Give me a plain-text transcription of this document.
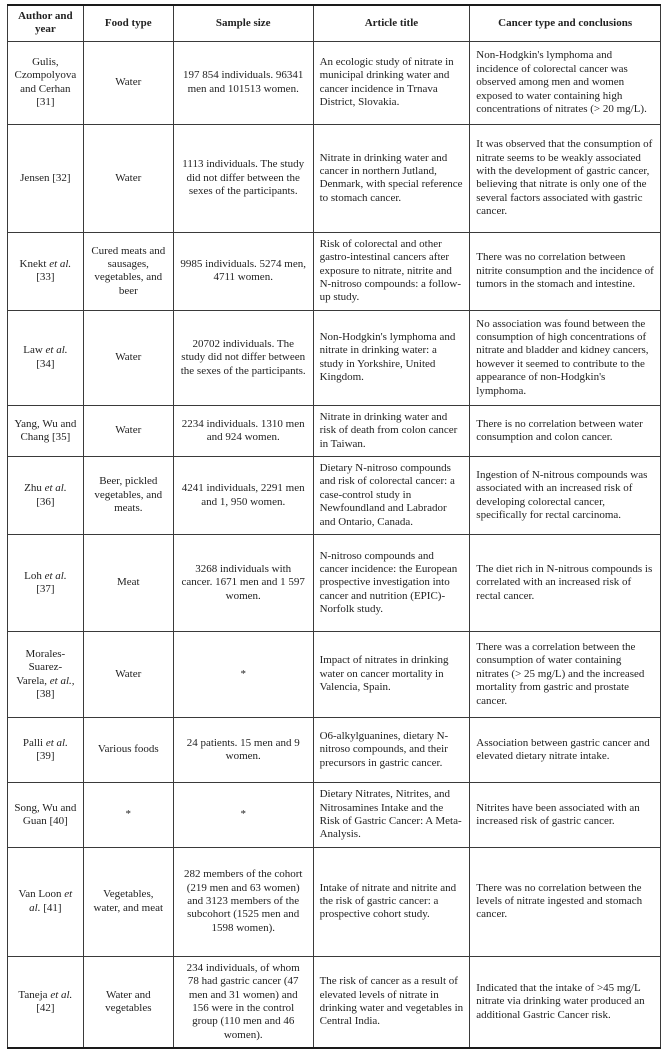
Author and year	Food type	Sample size	Article title	Cancer type and conclusions
Gulis, Czompolyova and Cerhan [31]	Water	197 854 individuals. 96341 men and 101513 women.	An ecologic study of nitrate in municipal drinking water and cancer incidence in Trnava District, Slovakia.	Non-Hodgkin's lymphoma and incidence of colorectal cancer was observed among men and women exposed to water containing high concentrations of nitrates (> 20 mg/L).
Jensen [32]	Water	1113 individuals. The study did not differ between the sexes of the participants.	Nitrate in drinking water and cancer in northern Jutland, Denmark, with special reference to stomach cancer.	It was observed that the consumption of nitrate seems to be weakly associated with the development of gastric cancer, believing that nitrate is only one of the several factors associated with gastric cancer.
Knekt et al. [33]	Cured meats and sausages, vegetables, and beer	9985 individuals. 5274 men, 4711 women.	Risk of colorectal and other gastro-intestinal cancers after exposure to nitrate, nitrite and N-nitroso compounds: a follow-up study.	There was no correlation between nitrite consumption and the incidence of tumors in the stomach and intestine.
Law et al. [34]	Water	20702 individuals. The study did not differ between the sexes of the participants.	Non-Hodgkin's lymphoma and nitrate in drinking water: a study in Yorkshire, United Kingdom.	No association was found between the consumption of high concentrations of nitrate and bladder and kidney cancers, however it seemed to contribute to the appearance of non-Hodgkin's lymphoma.
Yang, Wu and Chang [35]	Water	2234 individuals. 1310 men and 924 women.	Nitrate in drinking water and risk of death from colon cancer in Taiwan.	There is no correlation between water consumption and colon cancer.
Zhu et al. [36]	Beer, pickled vegetables, and meats.	4241 individuals, 2291 men and 1, 950 women.	Dietary N-nitroso compounds and risk of colorectal cancer: a case-control study in Newfoundland and Labrador and Ontario, Canada.	Ingestion of N-nitrous compounds was associated with an increased risk of developing colorectal cancer, specifically for rectal carcinoma.
Loh et al. [37]	Meat	3268 individuals with cancer. 1671 men and 1 597 women.	N-nitroso compounds and cancer incidence: the European prospective investigation into cancer and nutrition (EPIC)-Norfolk study.	The diet rich in N-nitrous compounds is correlated with an increased risk of rectal cancer.
Morales-Suarez-Varela, et al., [38]	Water	*	Impact of nitrates in drinking water on cancer mortality in Valencia, Spain.	There was a correlation between the consumption of water containing nitrates (> 25 mg/L) and the increased mortality from gastric and prostate cancer.
Palli et al. [39]	Various foods	24 patients. 15 men and 9 women.	O6-alkylguanines, dietary N-nitroso compounds, and their precursors in gastric cancer.	Association between gastric cancer and elevated dietary nitrate intake.
Song, Wu and Guan [40]	*	*	Dietary Nitrates, Nitrites, and Nitrosamines Intake and the Risk of Gastric Cancer: A Meta-Analysis.	Nitrites have been associated with an increased risk of gastric cancer.
Van Loon et al. [41]	Vegetables, water, and meat	282 members of the cohort (219 men and 63 women) and 3123 members of the subcohort (1525 men and 1598 women).	Intake of nitrate and nitrite and the risk of gastric cancer: a prospective cohort study.	There was no correlation between the levels of nitrate ingested and stomach cancer.
Taneja et al. [42]	Water and vegetables	234 individuals, of whom 78 had gastric cancer (47 men and 31 women) and 156 were in the control group (110 men and 46 women).	The risk of cancer as a result of elevated levels of nitrate in drinking water and vegetables in Central India.	Indicated that the intake of >45 mg/L nitrate via drinking water produced an additional Gastric Cancer risk.
